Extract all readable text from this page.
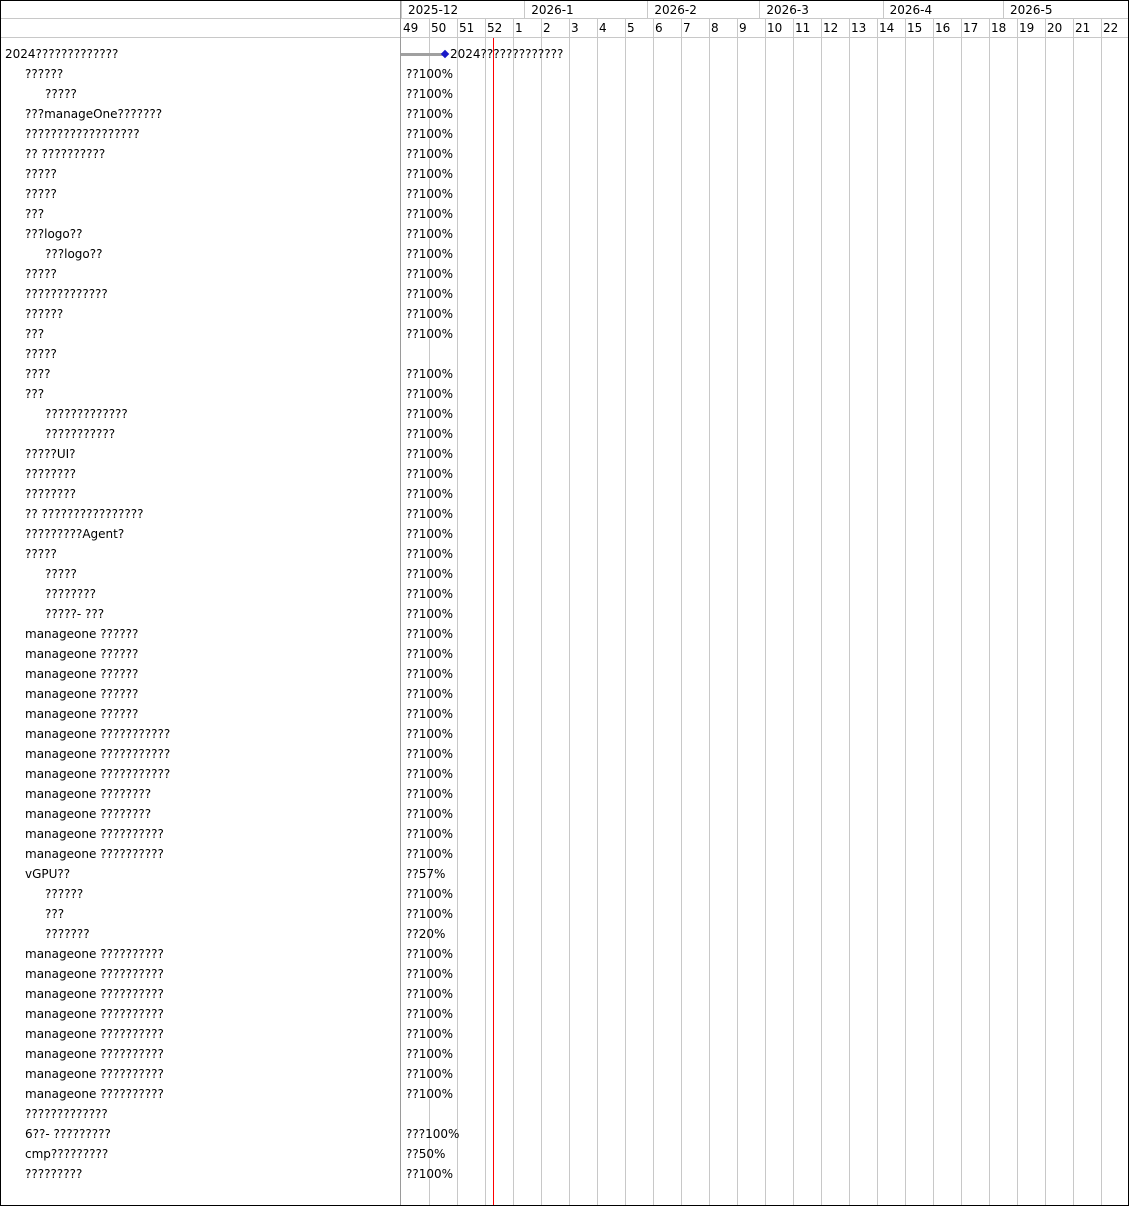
2025-12	2026-1	2026-2	2026-3	2026-4	2026-5
49 50 51 52 1 2 3 4 5 6 7 8 9 10 11 12 13 14 15 16 17 18 19 20 21 22
2024?????????????	2024?????????????
??????	??100%
?????	??100%
???manageOne???????	??100%
??????????????????	??100%
?? ??????????	??100%
?????	??100%
?????	??100%
???	??100%
???logo??	??100%
???logo??	??100%
?????	??100%
?????????????	??100%
??????	??100%
???	??100%
?????
????	??100%
???	??100%
?????????????	??100%
???????????	??100%
?????UI?	??100%
????????	??100%
????????	??100%
?? ????????????????	??100%
?????????Agent?	??100%
?????	??100%
?????	??100%
????????	??100%
?????- ???	??100%
manageone ??????	??100%
manageone ??????	??100%
manageone ??????	??100%
manageone ??????	??100%
manageone ??????	??100%
manageone ???????????	??100%
manageone ???????????	??100%
manageone ???????????	??100%
manageone ????????	??100%
manageone ????????	??100%
manageone ??????????	??100%
manageone ??????????	??100%
vGPU??	??57%
??????	??100%
???	??100%
???????	??20%
manageone ??????????	??100%
manageone ??????????	??100%
manageone ??????????	??100%
manageone ??????????	??100%
manageone ??????????	??100%
manageone ??????????	??100%
manageone ??????????	??100%
manageone ??????????	??100%
?????????????
6??- ?????????	???100%
cmp?????????	??50%
?????????	??100%
